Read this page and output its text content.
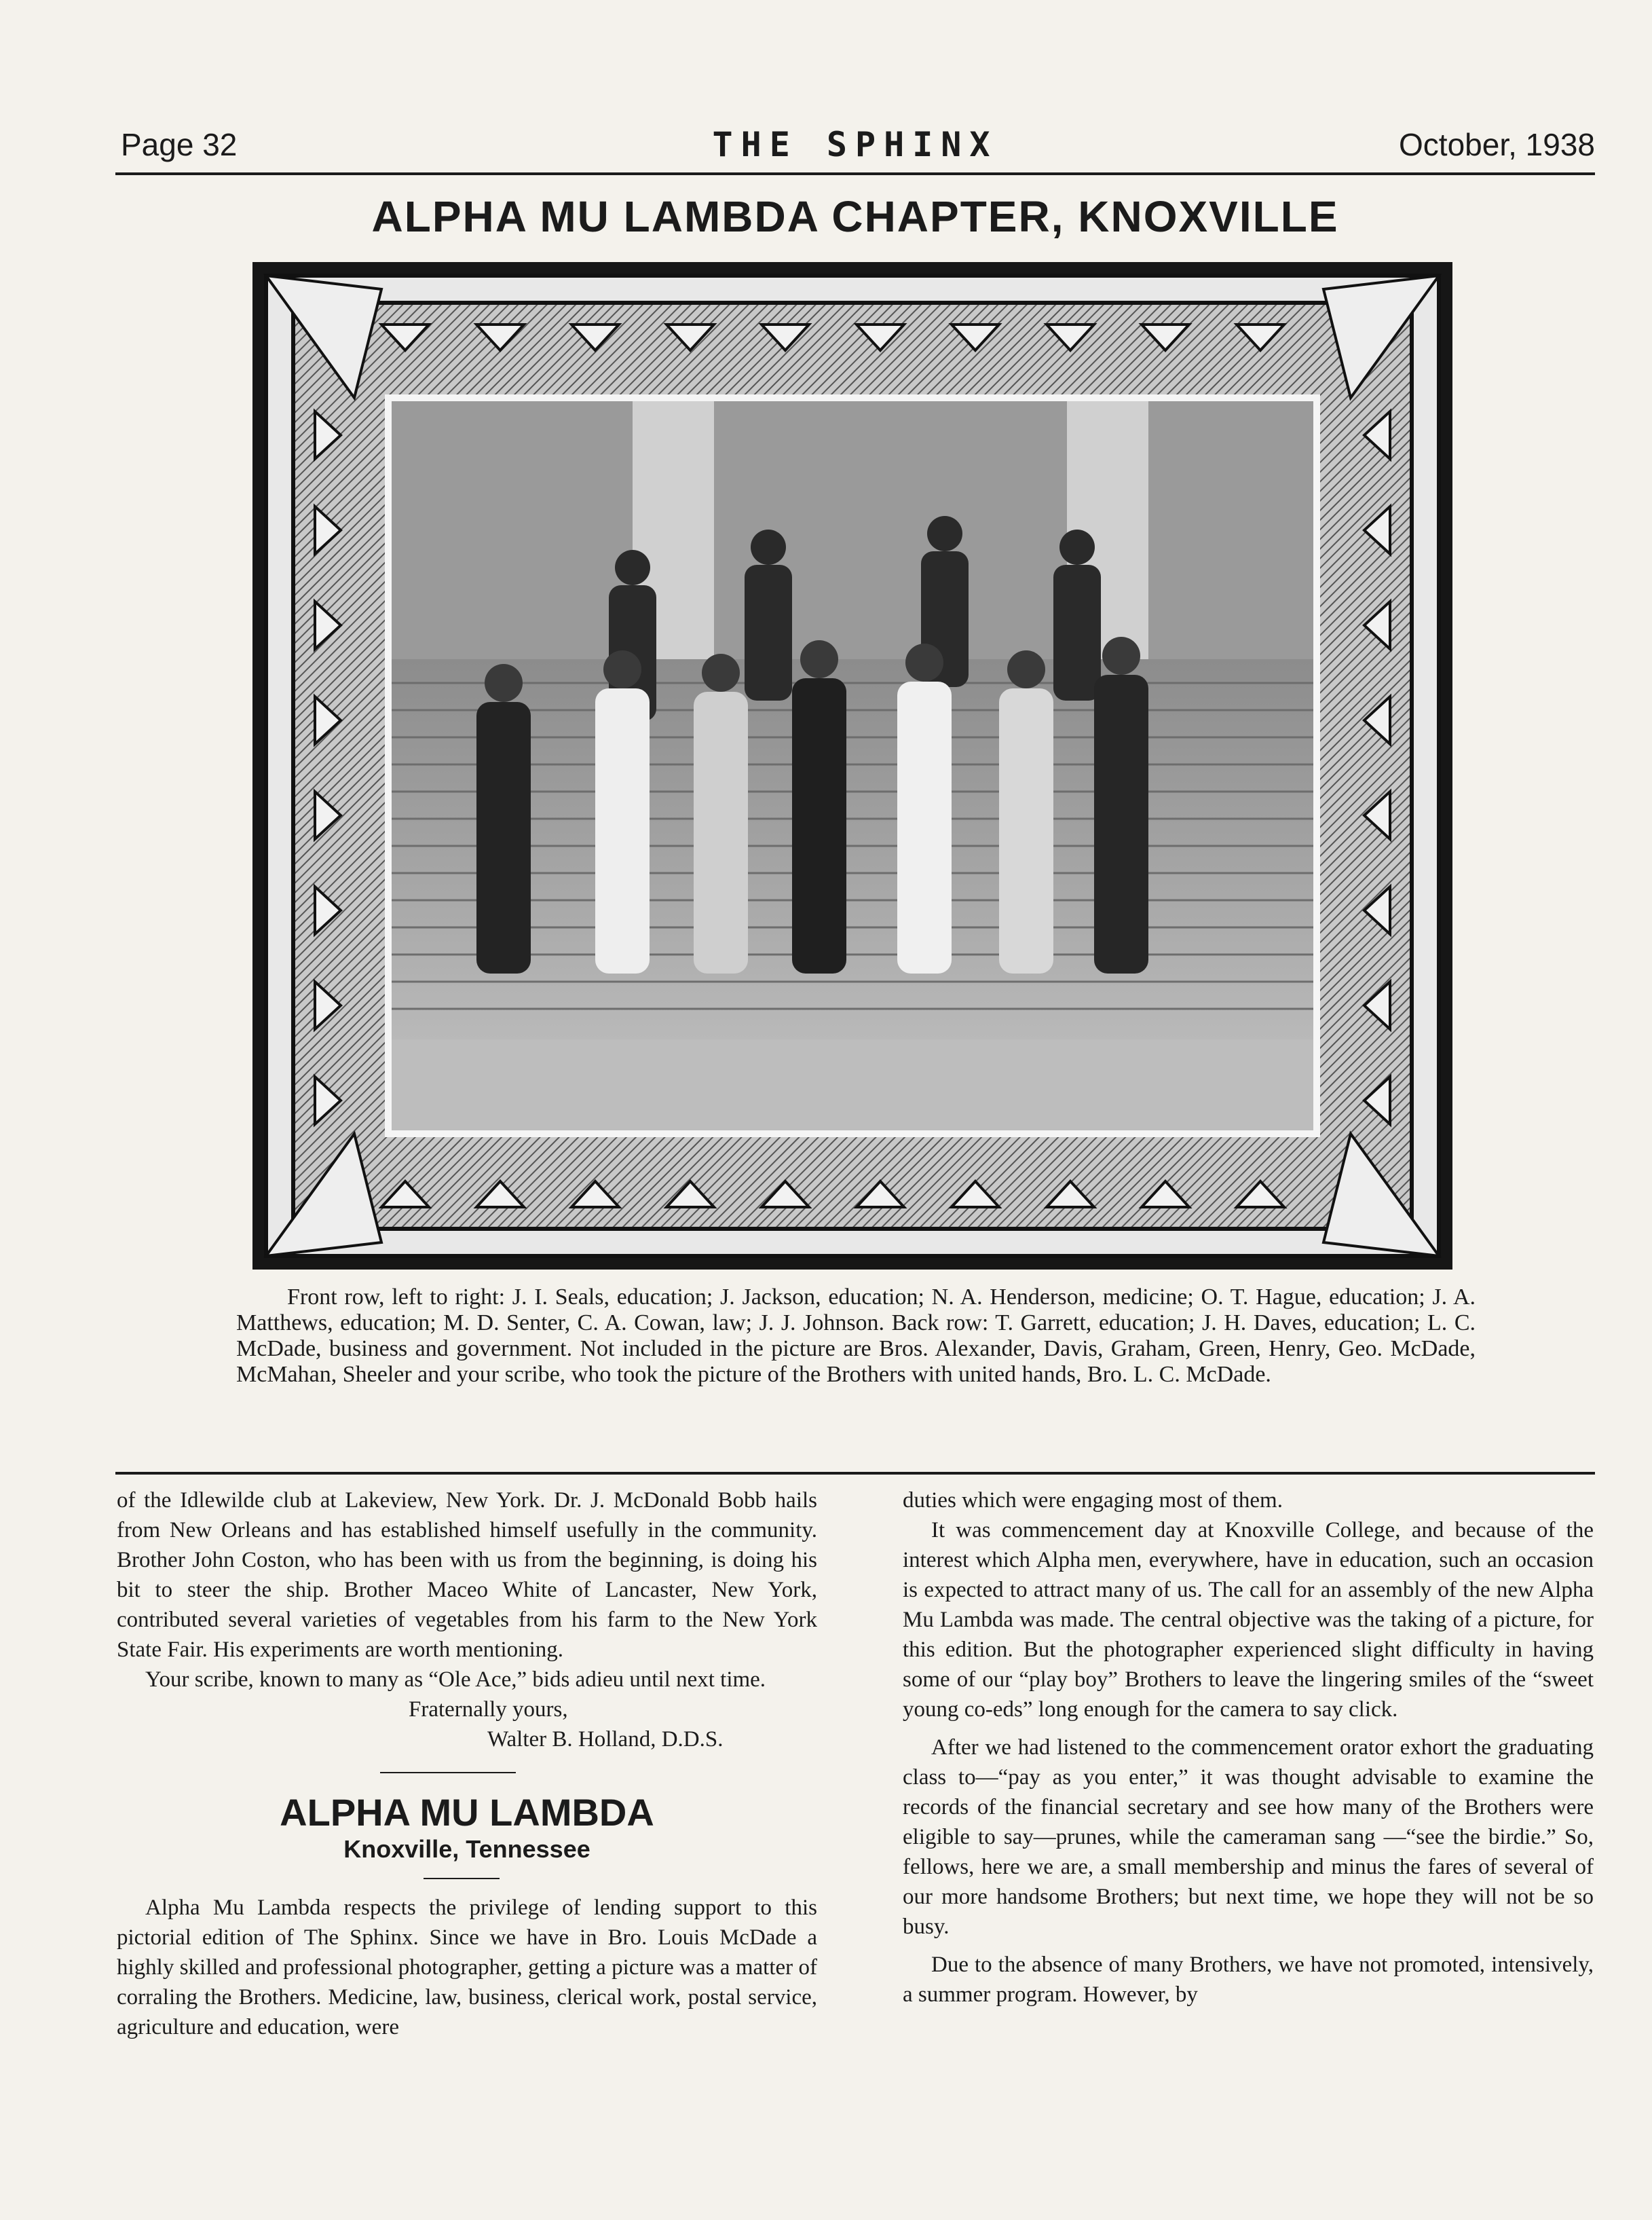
Page 32	THE SPHINX	October, 1938
ALPHA MU LAMBDA CHAPTER, KNOXVILLE

Front row, left to right: J. I. Seals, education; J. Jackson, education; N. A. Henderson, medicine; O. T. Hague, education; J. A. Matthews, education; M. D. Senter, C. A. Cowan, law; J. J. Johnson. Back row: T. Garrett, education; J. H. Daves, education; L. C. McDade, business and government. Not included in the picture are Bros. Alexander, Davis, Graham, Green, Henry, Geo. McDade, McMahan, Sheeler and your scribe, who took the picture of the Brothers with united hands, Bro. L. C. McDade.

of the Idlewilde club at Lakeview, New York. Dr. J. McDonald Bobb hails from New Orleans and has established himself usefully in the community. Brother John Coston, who has been with us from the beginning, is doing his bit to steer the ship. Brother Maceo White of Lancaster, New York, contributed several varieties of vegetables from his farm to the New York State Fair. His experiments are worth mentioning.

Your scribe, known to many as “Ole Ace,” bids adieu until next time.

Fraternally yours,

Walter B. Holland, D.D.S.

ALPHA MU LAMBDA

Knoxville, Tennessee

Alpha Mu Lambda respects the privilege of lending support to this pictorial edition of The Sphinx. Since we have in Bro. Louis McDade a highly skilled and professional photographer, getting a picture was a matter of corraling the Brothers. Medicine, law, business, clerical work, postal service, agriculture and education, were

duties which were engaging most of them.

It was commencement day at Knoxville College, and because of the interest which Alpha men, everywhere, have in education, such an occasion is expected to attract many of us. The call for an assembly of the new Alpha Mu Lambda was made. The central objective was the taking of a picture, for this edition. But the photographer experienced slight difficulty in having some of our “play boy” Brothers to leave the lingering smiles of the “sweet young co-eds” long enough for the camera to say click.

After we had listened to the commencement orator exhort the graduating class to—“pay as you enter,” it was thought advisable to examine the records of the financial secretary and see how many of the Brothers were eligible to say—prunes, while the cameraman sang —“see the birdie.” So, fellows, here we are, a small membership and minus the fares of several of our more handsome Brothers; but next time, we hope they will not be so busy.

Due to the absence of many Brothers, we have not promoted, intensively, a summer program. However, by
